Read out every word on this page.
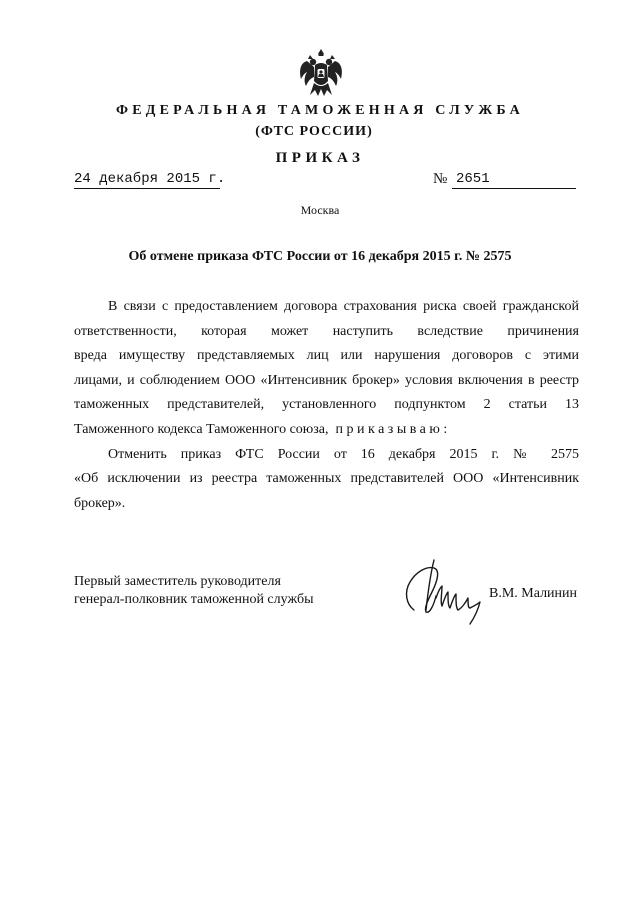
ФЕДЕРАЛЬНАЯ ТАМОЖЕННАЯ СЛУЖБА
(ФТС РОССИИ)
ПРИКАЗ
24 декабря 2015 г.	№ 2651
Москва
Об отмене приказа ФТС России от 16 декабря 2015 г. № 2575
В связи с предоставлением договора страхования риска своей гражданской
ответственности, которая может наступить вследствие причинения
вреда имуществу представляемых лиц или нарушения договоров с этими
лицами, и соблюдением ООО «Интенсивник брокер» условия включения в реестр
таможенных представителей, установленного подпунктом 2 статьи 13
Таможенного кодекса Таможенного союза, приказываю:
Отменить приказ ФТС России от 16 декабря 2015 г. № 2575
«Об исключении из реестра таможенных представителей ООО «Интенсивник
брокер».
Первый заместитель руководителя
генерал-полковник таможенной службы	В.М. Малинин
